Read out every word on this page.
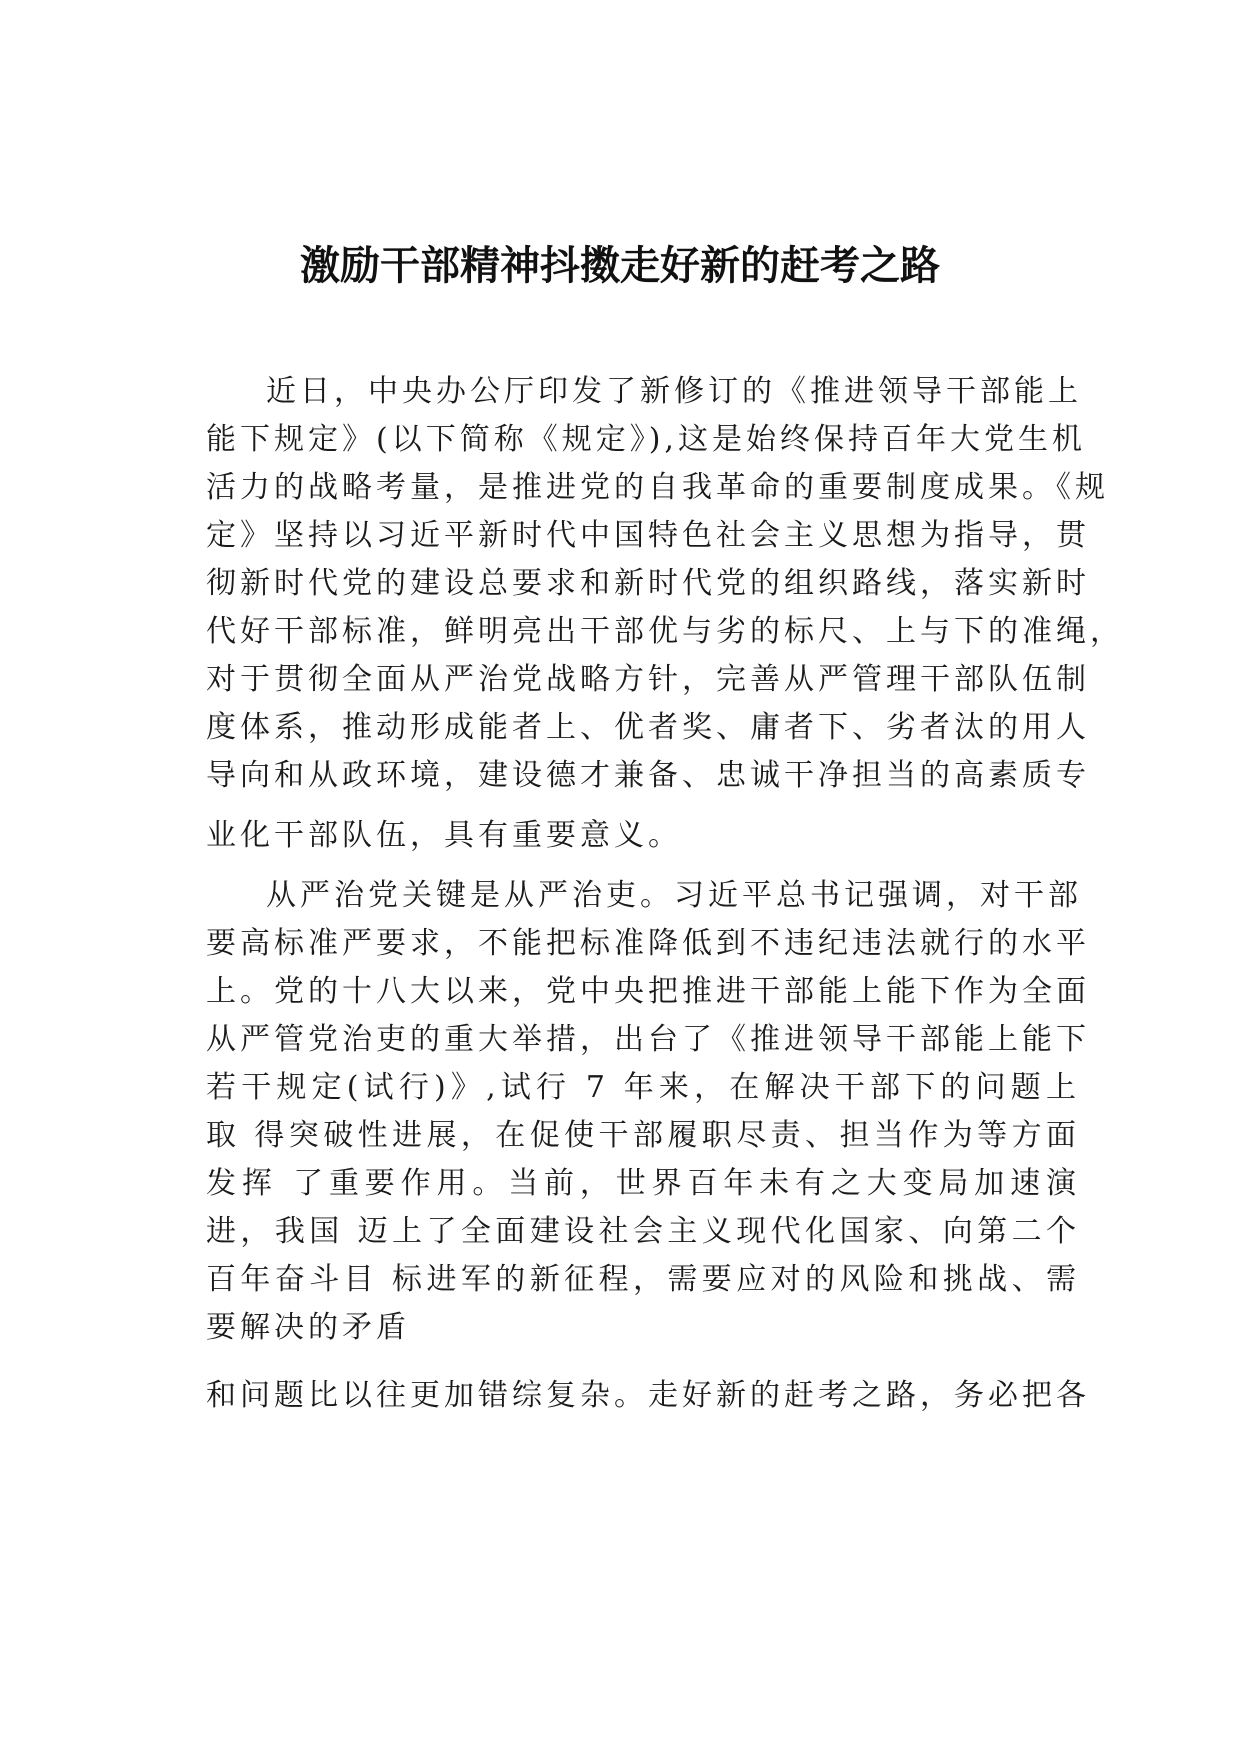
激励干部精神抖擞走好新的赶考之路
近日，中央办公厅印发了新修订的《推进领导干部能上
能下规定》(以下简称《规定》),这是始终保持百年大党生机
活力的战略考量，是推进党的自我革命的重要制度成果。《规
定》坚持以习近平新时代中国特色社会主义思想为指导，贯
彻新时代党的建设总要求和新时代党的组织路线，落实新时
代好干部标准，鲜明亮出干部优与劣的标尺、上与下的准绳，
对于贯彻全面从严治党战略方针，完善从严管理干部队伍制
度体系，推动形成能者上、优者奖、庸者下、劣者汰的用人
导向和从政环境，建设德才兼备、忠诚干净担当的高素质专
业化干部队伍，具有重要意义。
从严治党关键是从严治吏。习近平总书记强调，对干部
要高标准严要求，不能把标准降低到不违纪违法就行的水平
上。党的十八大以来，党中央把推进干部能上能下作为全面
从严管党治吏的重大举措，出台了《推进领导干部能上能下
若干规定(试行)》,试行 7 年来，在解决干部下的问题上
取 得突破性进展，在促使干部履职尽责、担当作为等方面
发挥 了重要作用。当前，世界百年未有之大变局加速演
进，我国 迈上了全面建设社会主义现代化国家、向第二个
百年奋斗目 标进军的新征程，需要应对的风险和挑战、需
要解决的矛盾
和问题比以往更加错综复杂。走好新的赶考之路，务必把各
